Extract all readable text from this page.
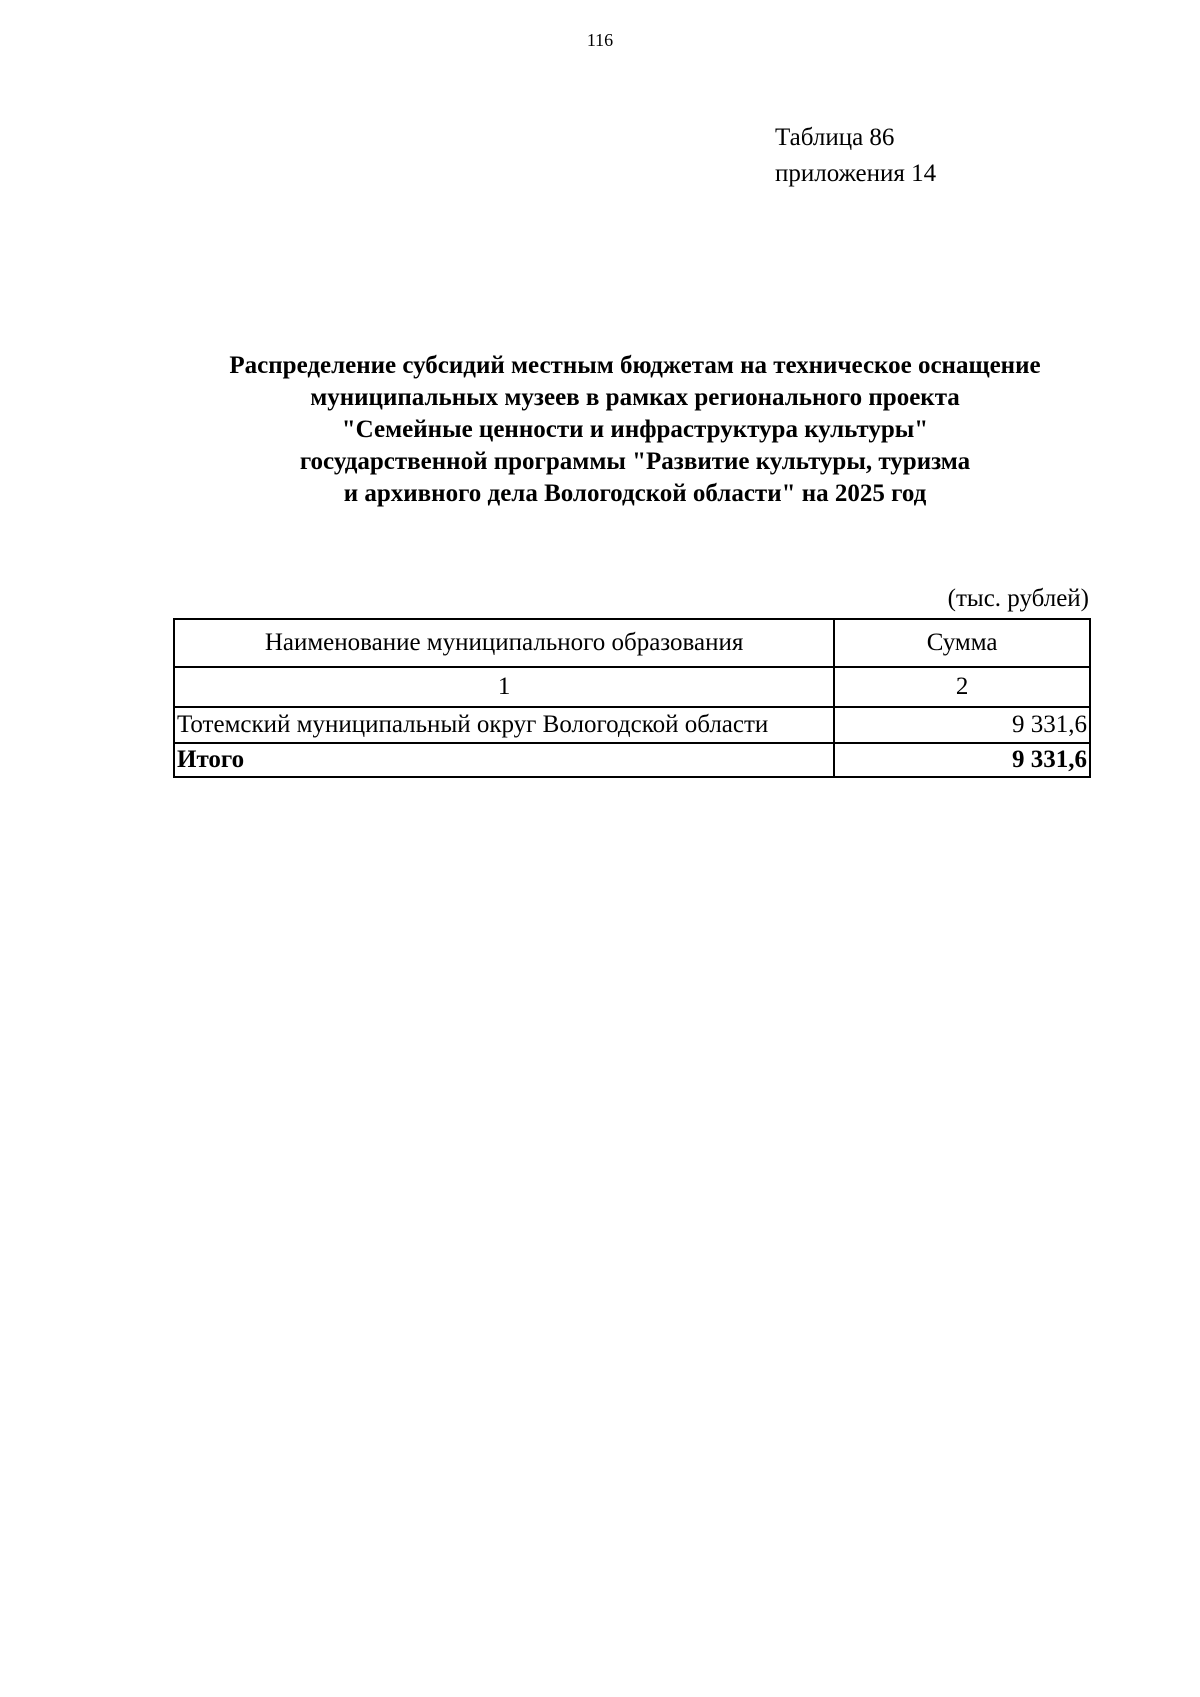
116
Таблица 86
приложения 14
Распределение субсидий местным бюджетам на техническое оснащение
муниципальных музеев в рамках регионального проекта
"Семейные ценности и инфраструктура культуры"
государственной программы "Развитие культуры, туризма
и архивного дела Вологодской области" на 2025 год
(тыс. рублей)
Наименование муниципального образования	Сумма
1	2
Тотемский муниципальный округ Вологодской области	9 331,6
Итого	9 331,6
